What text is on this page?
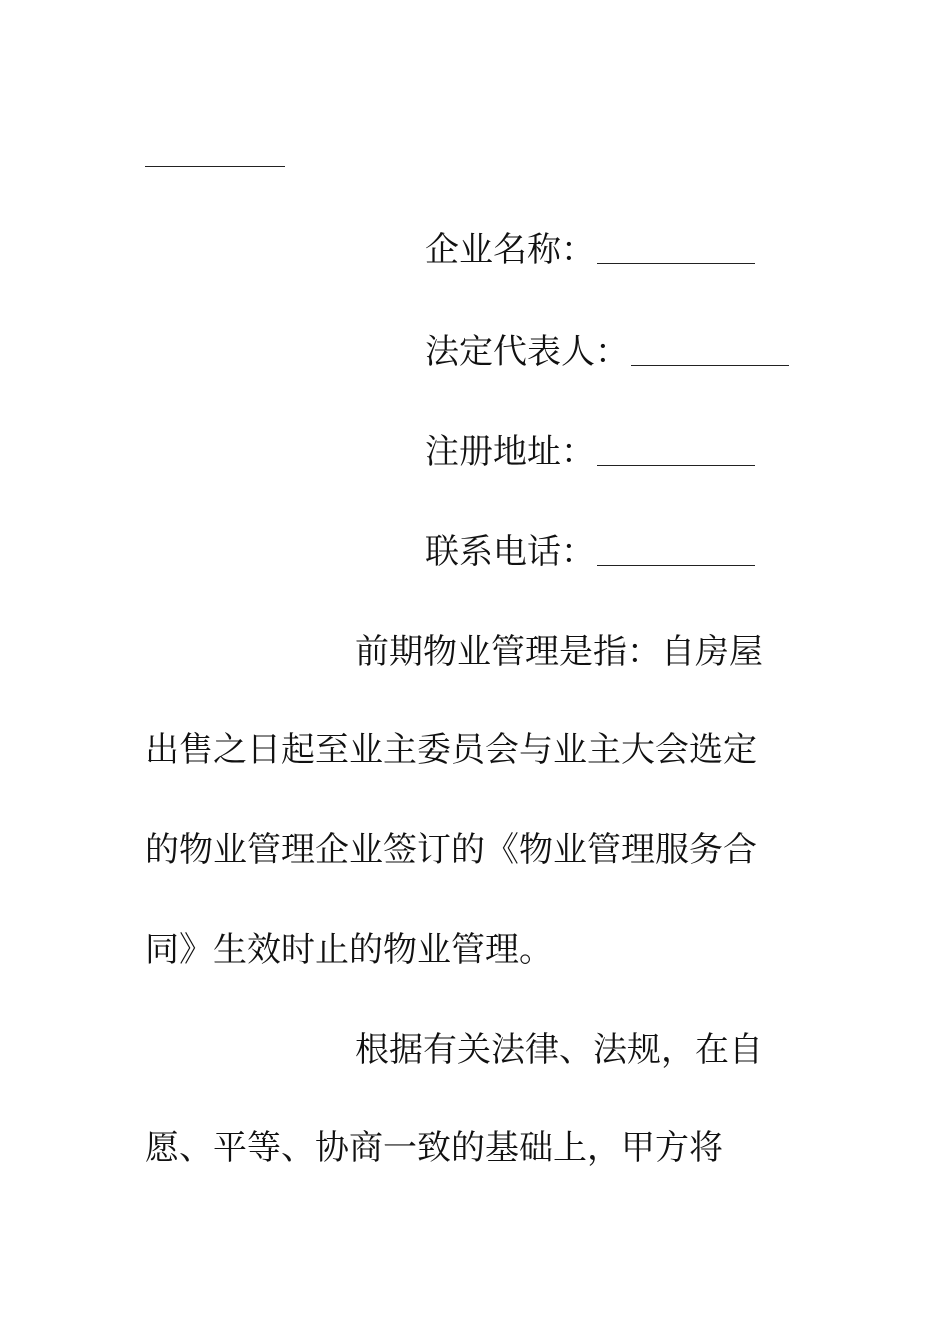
企业名称：
法定代表人：
注册地址：
联系电话：
前期物业管理是指：自房屋
出售之日起至业主委员会与业主大会选定
的物业管理企业签订的《物业管理服务合
同》生效时止的物业管理。
根据有关法律、法规，在自
愿、平等、协商一致的基础上，甲方将
